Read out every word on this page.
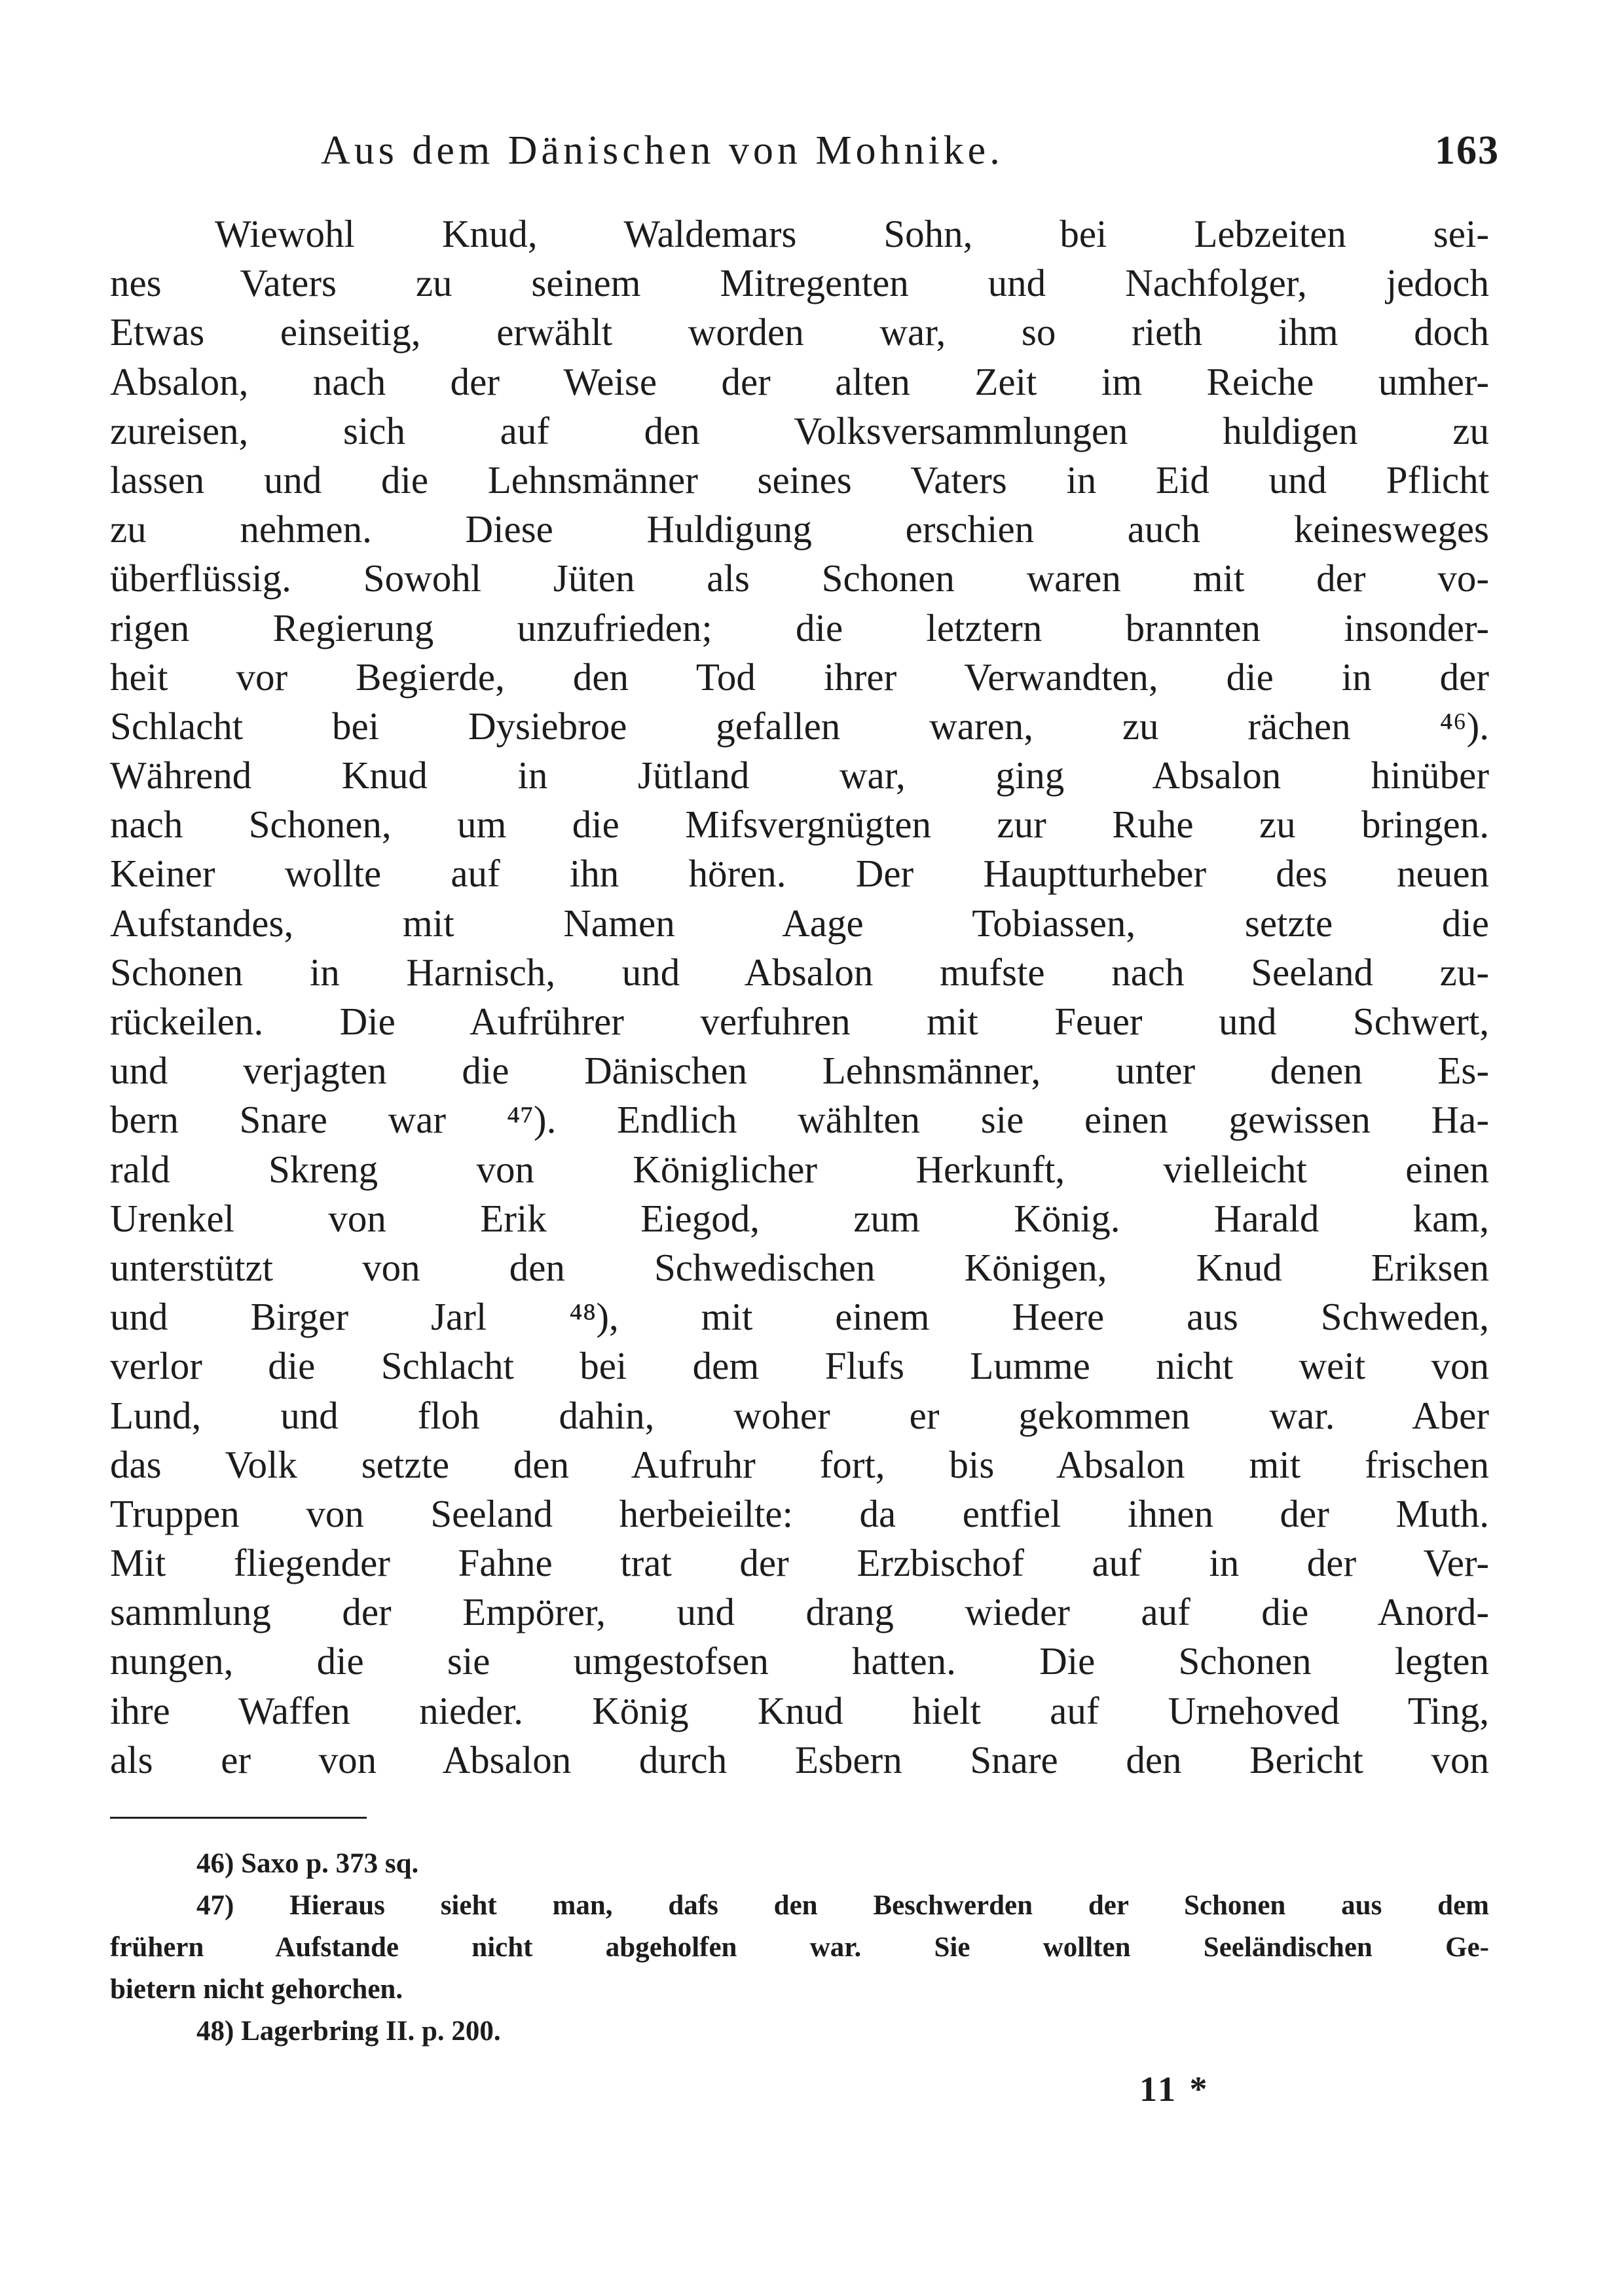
Aus dem Dänischen von Mohnike.	163
Wiewohl Knud, Waldemars Sohn, bei Lebzeiten sei-
nes Vaters zu seinem Mitregenten und Nachfolger, jedoch
Etwas einseitig, erwählt worden war, so rieth ihm doch
Absalon, nach der Weise der alten Zeit im Reiche umher-
zureisen, sich auf den Volksversammlungen huldigen zu
lassen und die Lehnsmänner seines Vaters in Eid und Pflicht
zu nehmen. Diese Huldigung erschien auch keinesweges
überflüssig. Sowohl Jüten als Schonen waren mit der vo-
rigen Regierung unzufrieden; die letztern brannten insonder-
heit vor Begierde, den Tod ihrer Verwandten, die in der
Schlacht bei Dysiebroe gefallen waren, zu rächen ⁴⁶).
Während Knud in Jütland war, ging Absalon hinüber
nach Schonen, um die Mifsvergnügten zur Ruhe zu bringen.
Keiner wollte auf ihn hören. Der Hauptturheber des neuen
Aufstandes, mit Namen Aage Tobiassen, setzte die
Schonen in Harnisch, und Absalon mufste nach Seeland zu-
rückeilen. Die Aufrührer verfuhren mit Feuer und Schwert,
und verjagten die Dänischen Lehnsmänner, unter denen Es-
bern Snare war ⁴⁷). Endlich wählten sie einen gewissen Ha-
rald Skreng von Königlicher Herkunft, vielleicht einen
Urenkel von Erik Eiegod, zum König. Harald kam,
unterstützt von den Schwedischen Königen, Knud Eriksen
und Birger Jarl ⁴⁸), mit einem Heere aus Schweden,
verlor die Schlacht bei dem Flufs Lumme nicht weit von
Lund, und floh dahin, woher er gekommen war. Aber
das Volk setzte den Aufruhr fort, bis Absalon mit frischen
Truppen von Seeland herbeieilte: da entfiel ihnen der Muth.
Mit fliegender Fahne trat der Erzbischof auf in der Ver-
sammlung der Empörer, und drang wieder auf die Anord-
nungen, die sie umgestofsen hatten. Die Schonen legten
ihre Waffen nieder. König Knud hielt auf Urnehoved Ting,
als er von Absalon durch Esbern Snare den Bericht von
46) Saxo p. 373 sq.
47) Hieraus sieht man, dafs den Beschwerden der Schonen aus dem
frühern Aufstande nicht abgeholfen war. Sie wollten Seeländischen Ge-
bietern nicht gehorchen.
48) Lagerbring II. p. 200.
11 *
